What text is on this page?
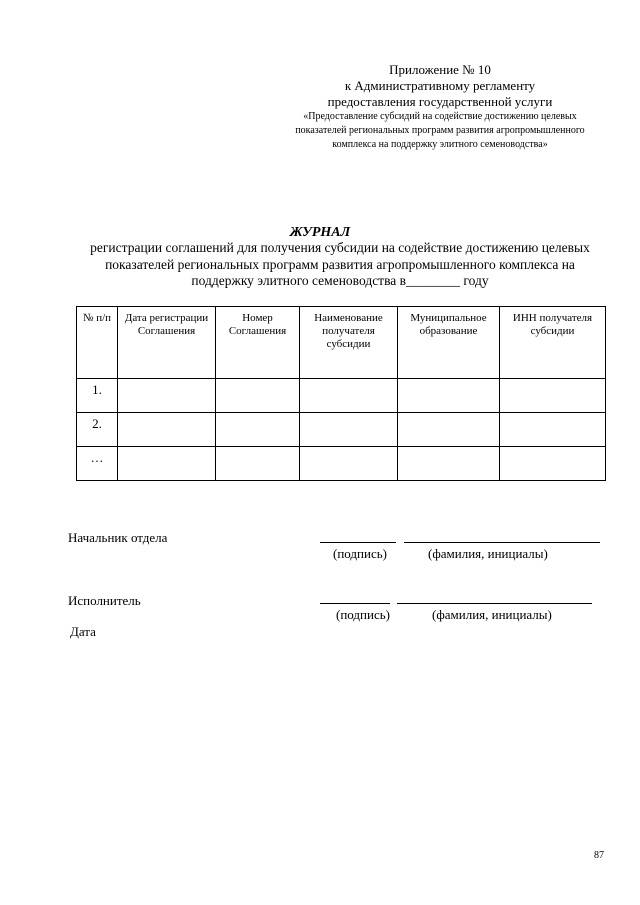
Приложение № 10
к Административному регламенту
предоставления государственной услуги
«Предоставление субсидий на содействие достижению целевых показателей региональных программ развития агропромышленного комплекса на поддержку элитного семеноводства»
ЖУРНАЛ
регистрации соглашений для получения субсидии на содействие достижению целевых показателей региональных программ развития агропромышленного комплекса на поддержку элитного семеноводства в________ году
№ п/п	Дата регистрации Соглашения	Номер Соглашения	Наименование получателя субсидии	Муниципальное образование	ИНН получателя субсидии
1.					
2.					
…					
Начальник отдела
(подпись)	(фамилия, инициалы)
Исполнитель
(подпись)	(фамилия, инициалы)
Дата
87
